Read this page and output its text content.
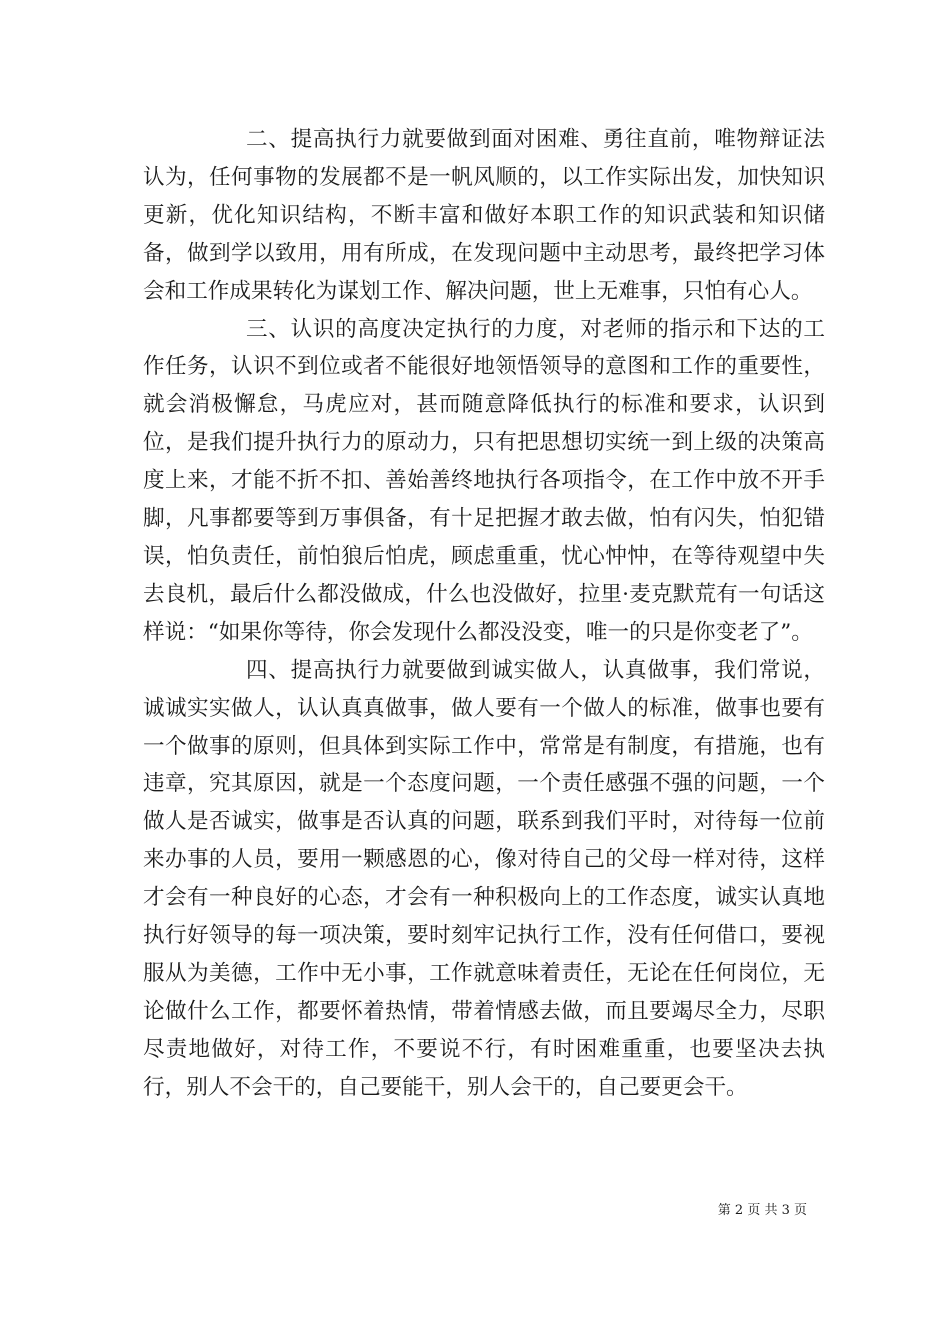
二、提高执行力就要做到面对困难、勇往直前，唯物辩证法认为，任何事物的发展都不是一帆风顺的，以工作实际出发，加快知识更新，优化知识结构，不断丰富和做好本职工作的知识武装和知识储备，做到学以致用，用有所成，在发现问题中主动思考，最终把学习体会和工作成果转化为谋划工作、解决问题，世上无难事，只怕有心人。

三、认识的高度决定执行的力度，对老师的指示和下达的工作任务，认识不到位或者不能很好地领悟领导的意图和工作的重要性，就会消极懈怠，马虎应对，甚而随意降低执行的标准和要求，认识到位，是我们提升执行力的原动力，只有把思想切实统一到上级的决策高度上来，才能不折不扣、善始善终地执行各项指令，在工作中放不开手脚，凡事都要等到万事俱备，有十足把握才敢去做，怕有闪失，怕犯错误，怕负责任，前怕狼后怕虎，顾虑重重，忧心忡忡，在等待观望中失去良机，最后什么都没做成，什么也没做好，拉里·麦克默荒有一句话这样说：“如果你等待，你会发现什么都没没变，唯一的只是你变老了”。

四、提高执行力就要做到诚实做人，认真做事，我们常说，诚诚实实做人，认认真真做事，做人要有一个做人的标准，做事也要有一个做事的原则，但具体到实际工作中，常常是有制度，有措施，也有违章，究其原因，就是一个态度问题，一个责任感强不强的问题，一个做人是否诚实，做事是否认真的问题，联系到我们平时，对待每一位前来办事的人员，要用一颗感恩的心，像对待自己的父母一样对待，这样才会有一种良好的心态，才会有一种积极向上的工作态度，诚实认真地执行好领导的每一项决策，要时刻牢记执行工作，没有任何借口，要视服从为美德，工作中无小事，工作就意味着责任，无论在任何岗位，无论做什么工作，都要怀着热情，带着情感去做，而且要竭尽全力，尽职尽责地做好，对待工作，不要说不行，有时困难重重，也要坚决去执行，别人不会干的，自己要能干，别人会干的，自己要更会干。

第 2 页 共 3 页
